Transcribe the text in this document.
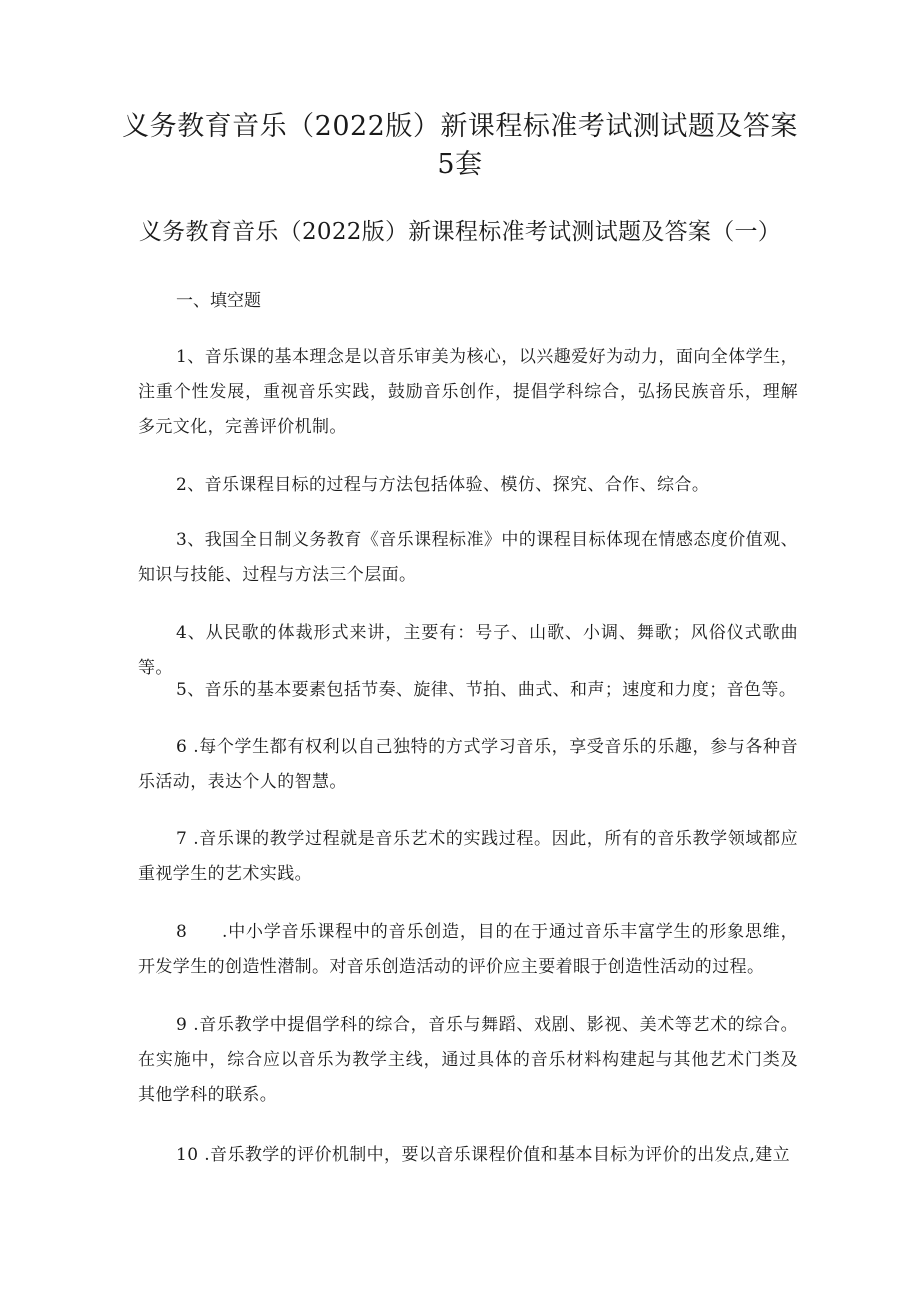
义务教育音乐（2022版）新课程标准考试测试题及答案5套
义务教育音乐（2022版）新课程标准考试测试题及答案（一）

一、填空题

1、音乐课的基本理念是以音乐审美为核心，以兴趣爱好为动力，面向全体学生，注重个性发展，重视音乐实践，鼓励音乐创作，提倡学科综合，弘扬民族音乐，理解多元文化，完善评价机制。

2、音乐课程目标的过程与方法包括体验、模仿、探究、合作、综合。

3、我国全日制义务教育《音乐课程标准》中的课程目标体现在情感态度价值观、知识与技能、过程与方法三个层面。

4、从民歌的体裁形式来讲，主要有：号子、山歌、小调、舞歌；风俗仪式歌曲等。

5、音乐的基本要素包括节奏、旋律、节拍、曲式、和声；速度和力度；音色等。

6 .每个学生都有权利以自己独特的方式学习音乐，享受音乐的乐趣，参与各种音乐活动，表达个人的智慧。

7 .音乐课的教学过程就是音乐艺术的实践过程。因此，所有的音乐教学领域都应重视学生的艺术实践。

8 .中小学音乐课程中的音乐创造，目的在于通过音乐丰富学生的形象思维，开发学生的创造性潜制。对音乐创造活动的评价应主要着眼于创造性活动的过程。

9 .音乐教学中提倡学科的综合，音乐与舞蹈、戏剧、影视、美术等艺术的综合。在实施中，综合应以音乐为教学主线，通过具体的音乐材料构建起与其他艺术门类及其他学科的联系。

10 .音乐教学的评价机制中，要以音乐课程价值和基本目标为评价的出发点,建立
